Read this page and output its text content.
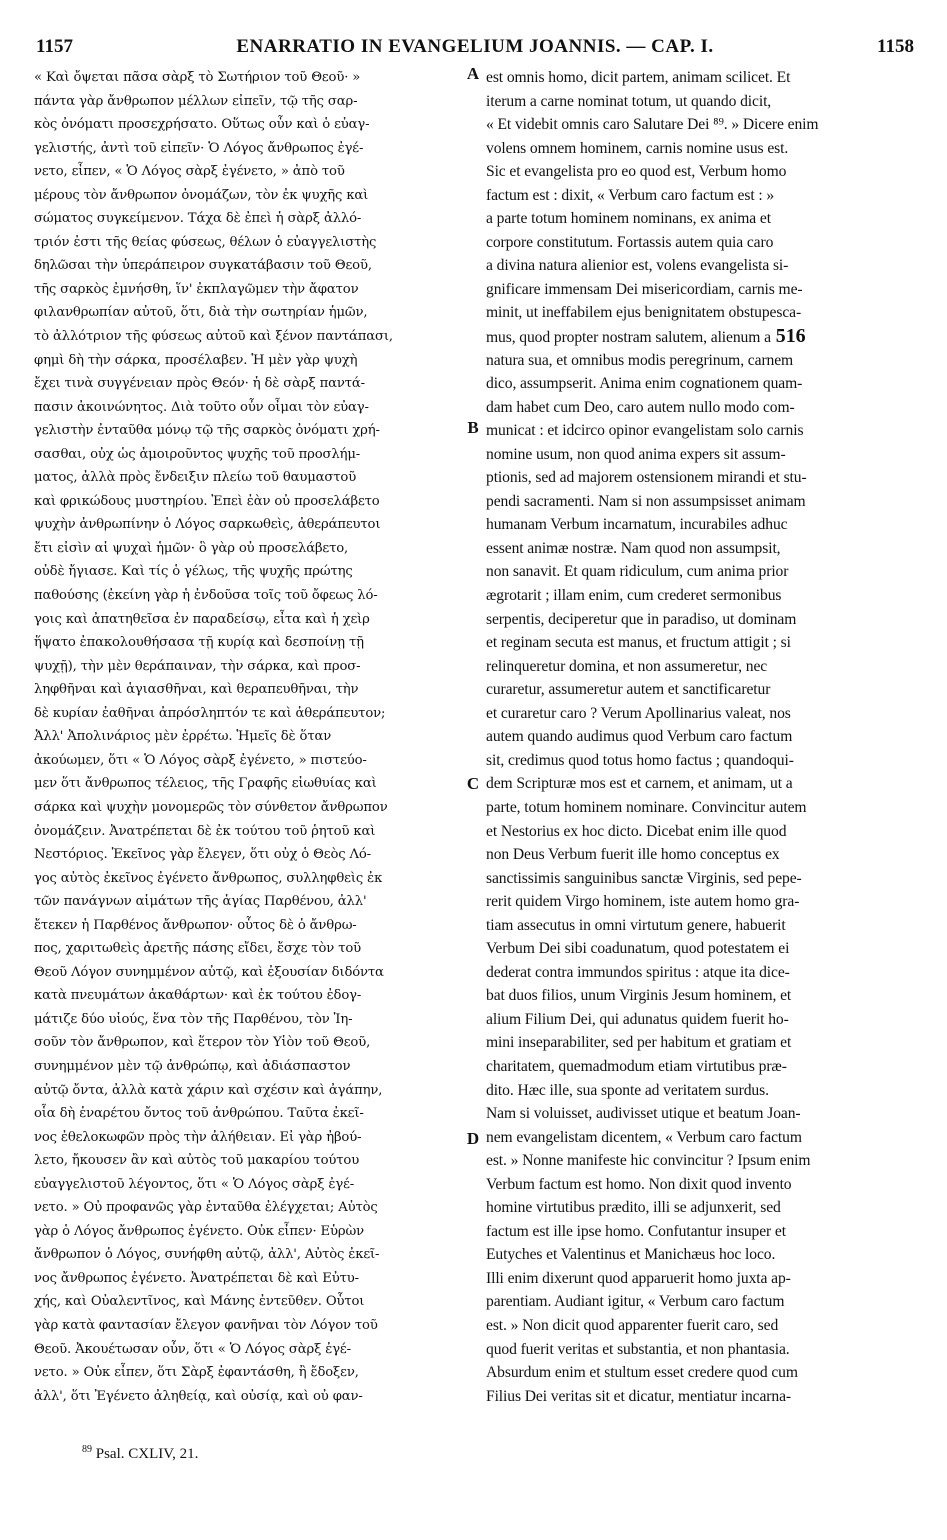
1157	ENARRATIO IN EVANGELIUM JOANNIS. — CAP. I.	1158
« Καὶ ὄψεται πᾶσα σὰρξ τὸ Σωτήριον τοῦ Θεοῦ· »
πάντα γὰρ ἄνθρωπον μέλλων εἰπεῖν, τῷ τῆς σαρ-
κὸς ὀνόματι προσεχρήσατο. Οὕτως οὖν καὶ ὁ εὐαγ-
γελιστής, ἀντὶ τοῦ εἰπεῖν· Ὁ Λόγος ἄνθρωπος ἐγέ-
νετο, εἶπεν, « Ὁ Λόγος σὰρξ ἐγένετο, » ἀπὸ τοῦ
μέρους τὸν ἄνθρωπον ὀνομάζων, τὸν ἐκ ψυχῆς καὶ
σώματος συγκείμενον. Τάχα δὲ ἐπεὶ ἡ σὰρξ ἀλλό-
τριόν ἐστι τῆς θείας φύσεως, θέλων ὁ εὐαγγελιστὴς
δηλῶσαι τὴν ὑπεράπειρον συγκατάβασιν τοῦ Θεοῦ,
τῆς σαρκὸς ἐμνήσθη, ἵν' ἐκπλαγῶμεν τὴν ἄφατον
φιλανθρωπίαν αὐτοῦ, ὅτι, διὰ τὴν σωτηρίαν ἡμῶν,
τὸ ἀλλότριον τῆς φύσεως αὐτοῦ καὶ ξένον παντάπασι,
φημὶ δὴ τὴν σάρκα, προσέλαβεν. Ἡ μὲν γὰρ ψυχὴ
ἔχει τινὰ συγγένειαν πρὸς Θεόν· ἡ δὲ σὰρξ παντά-
πασιν ἀκοινώνητος. Διὰ τοῦτο οὖν οἶμαι τὸν εὐαγ-
γελιστὴν ἐνταῦθα μόνῳ τῷ τῆς σαρκὸς ὀνόματι χρή-
σασθαι, οὐχ ὡς ἀμοιροῦντος ψυχῆς τοῦ προσλήμ-
ματος, ἀλλὰ πρὸς ἔνδειξιν πλείω τοῦ θαυμαστοῦ
καὶ φρικώδους μυστηρίου. Ἐπεὶ ἐὰν οὐ προσελάβετο
ψυχὴν ἀνθρωπίνην ὁ Λόγος σαρκωθεὶς, ἀθεράπευτοι
ἔτι εἰσὶν αἱ ψυχαὶ ἡμῶν· ὃ γὰρ οὐ προσελάβετο,
οὐδὲ ἤγιασε. Καὶ τίς ὁ γέλως, τῆς ψυχῆς πρώτης
παθούσης (ἐκείνη γὰρ ἡ ἐνδοῦσα τοῖς τοῦ ὄφεως λό-
γοις καὶ ἀπατηθεῖσα ἐν παραδείσῳ, εἶτα καὶ ἡ χεὶρ
ἥψατο ἐπακολουθήσασα τῇ κυρίᾳ καὶ δεσποίνῃ τῇ
ψυχῇ), τὴν μὲν θεράπαιναν, τὴν σάρκα, καὶ προσ-
ληφθῆναι καὶ ἁγιασθῆναι, καὶ θεραπευθῆναι, τὴν
δὲ κυρίαν ἐαθῆναι ἀπρόσληπτόν τε καὶ ἀθεράπευτον;
Ἀλλ' Ἀπολινάριος μὲν ἐρρέτω. Ἡμεῖς δὲ ὅταν
ἀκούωμεν, ὅτι « Ὁ Λόγος σὰρξ ἐγένετο, » πιστεύο-
μεν ὅτι ἄνθρωπος τέλειος, τῆς Γραφῆς εἰωθυίας καὶ
σάρκα καὶ ψυχὴν μονομερῶς τὸν σύνθετον ἄνθρωπον
ὀνομάζειν. Ἀνατρέπεται δὲ ἐκ τούτου τοῦ ῥητοῦ καὶ
Νεστόριος. Ἐκεῖνος γὰρ ἔλεγεν, ὅτι οὐχ ὁ Θεὸς Λό-
γος αὐτὸς ἐκεῖνος ἐγένετο ἄνθρωπος, συλληφθεὶς ἐκ
τῶν πανάγνων αἱμάτων τῆς ἁγίας Παρθένου, ἀλλ'
ἔτεκεν ἡ Παρθένος ἄνθρωπον· οὗτος δὲ ὁ ἄνθρω-
πος, χαριτωθεὶς ἀρετῆς πάσης εἴδει, ἔσχε τὸν τοῦ
Θεοῦ Λόγον συνημμένον αὐτῷ, καὶ ἐξουσίαν διδόντα
κατὰ πνευμάτων ἀκαθάρτων· καὶ ἐκ τούτου ἐδογ-
μάτιζε δύο υἱούς, ἕνα τὸν τῆς Παρθένου, τὸν Ἰη-
σοῦν τὸν ἄνθρωπον, καὶ ἕτερον τὸν Υἱὸν τοῦ Θεοῦ,
συνημμένον μὲν τῷ ἀνθρώπῳ, καὶ ἀδιάσπαστον
αὐτῷ ὄντα, ἀλλὰ κατὰ χάριν καὶ σχέσιν καὶ ἀγάπην,
οἷα δὴ ἐναρέτου ὄντος τοῦ ἀνθρώπου. Ταῦτα ἐκεῖ-
νος ἐθελοκωφῶν πρὸς τὴν ἀλήθειαν. Εἰ γὰρ ἠβού-
λετο, ἤκουσεν ἂν καὶ αὐτὸς τοῦ μακαρίου τούτου
εὐαγγελιστοῦ λέγοντος, ὅτι « Ὁ Λόγος σὰρξ ἐγέ-
νετο. » Οὐ προφανῶς γὰρ ἐνταῦθα ἐλέγχεται; Αὐτὸς
γὰρ ὁ Λόγος ἄνθρωπος ἐγένετο. Οὐκ εἶπεν· Εὑρὼν
ἄνθρωπον ὁ Λόγος, συνήφθη αὐτῷ, ἀλλ', Αὐτὸς ἐκεῖ-
νος ἄνθρωπος ἐγένετο. Ἀνατρέπεται δὲ καὶ Εὐτυ-
χής, καὶ Οὐαλεντῖνος, καὶ Μάνης ἐντεῦθεν. Οὗτοι
γὰρ κατὰ φαντασίαν ἔλεγον φανῆναι τὸν Λόγον τοῦ
Θεοῦ. Ἀκουέτωσαν οὖν, ὅτι « Ὁ Λόγος σὰρξ ἐγέ-
νετο. » Οὐκ εἶπεν, ὅτι Σὰρξ ἐφαντάσθη, ἢ ἔδοξεν,
ἀλλ', ὅτι Ἐγένετο ἀληθείᾳ, καὶ οὐσίᾳ, καὶ οὐ φαν-
est omnis homo, dicit partem, animam scilicet. Et
iterum a carne nominat totum, ut quando dicit,
« Et videbit omnis caro Salutare Dei ⁸⁹. » Dicere enim
volens omnem hominem, carnis nomine usus est.
Sic et evangelista pro eo quod est, Verbum homo
factum est : dixit, « Verbum caro factum est : »
a parte totum hominem nominans, ex anima et
corpore constitutum. Fortassis autem quia caro
a divina natura alienior est, volens evangelista si-
gnificare immensam Dei misericordiam, carnis me-
minit, ut ineffabilem ejus benignitatem obstupesca-
mus, quod propter nostram salutem, alienum a 516
natura sua, et omnibus modis peregrinum, carnem
dico, assumpserit. Anima enim cognationem quam-
dam habet cum Deo, caro autem nullo modo com-
municat : et idcirco opinor evangelistam solo carnis
nomine usum, non quod anima expers sit assum-
ptionis, sed ad majorem ostensionem mirandi et stu-
pendi sacramenti. Nam si non assumpsisset animam
humanam Verbum incarnatum, incurabiles adhuc
essent animæ nostræ. Nam quod non assumpsit,
non sanavit. Et quam ridiculum, cum anima prior
ægrotarit ; illam enim, cum crederet sermonibus
serpentis, deciperetur que in paradiso, ut dominam
et reginam secuta est manus, et fructum attigit ; si
relinqueretur domina, et non assumeretur, nec
curaretur, assumeretur autem et sanctificaretur
et curaretur caro ? Verum Apollinarius valeat, nos
autem quando audimus quod Verbum caro factum
sit, credimus quod totus homo factus ; quandoqui-
dem Scripturæ mos est et carnem, et animam, ut a
parte, totum hominem nominare. Convincitur autem
et Nestorius ex hoc dicto. Dicebat enim ille quod
non Deus Verbum fuerit ille homo conceptus ex
sanctissimis sanguinibus sanctæ Virginis, sed pepe-
rerit quidem Virgo hominem, iste autem homo gra-
tiam assecutus in omni virtutum genere, habuerit
Verbum Dei sibi coadunatum, quod potestatem ei
dederat contra immundos spiritus : atque ita dice-
bat duos filios, unum Virginis Jesum hominem, et
alium Filium Dei, qui adunatus quidem fuerit ho-
mini inseparabiliter, sed per habitum et gratiam et
charitatem, quemadmodum etiam virtutibus præ-
dito. Hæc ille, sua sponte ad veritatem surdus.
Nam si voluisset, audivisset utique et beatum Joan-
nem evangelistam dicentem, « Verbum caro factum
est. » Nonne manifeste hic convincitur ? Ipsum enim
Verbum factum est homo. Non dixit quod invento
homine virtutibus prædito, illi se adjunxerit, sed
factum est ille ipse homo. Confutantur insuper et
Eutyches et Valentinus et Manichæus hoc loco.
Illi enim dixerunt quod apparuerit homo juxta ap-
parentiam. Audiant igitur, « Verbum caro factum
est. » Non dicit quod apparenter fuerit caro, sed
quod fuerit veritas et substantia, et non phantasia.
Absurdum enim et stultum esset credere quod cum
Filius Dei veritas sit et dicatur, mentiatur incarna-
A
B
C
D
$^{89}$ Psal. CXLIV, 21.
